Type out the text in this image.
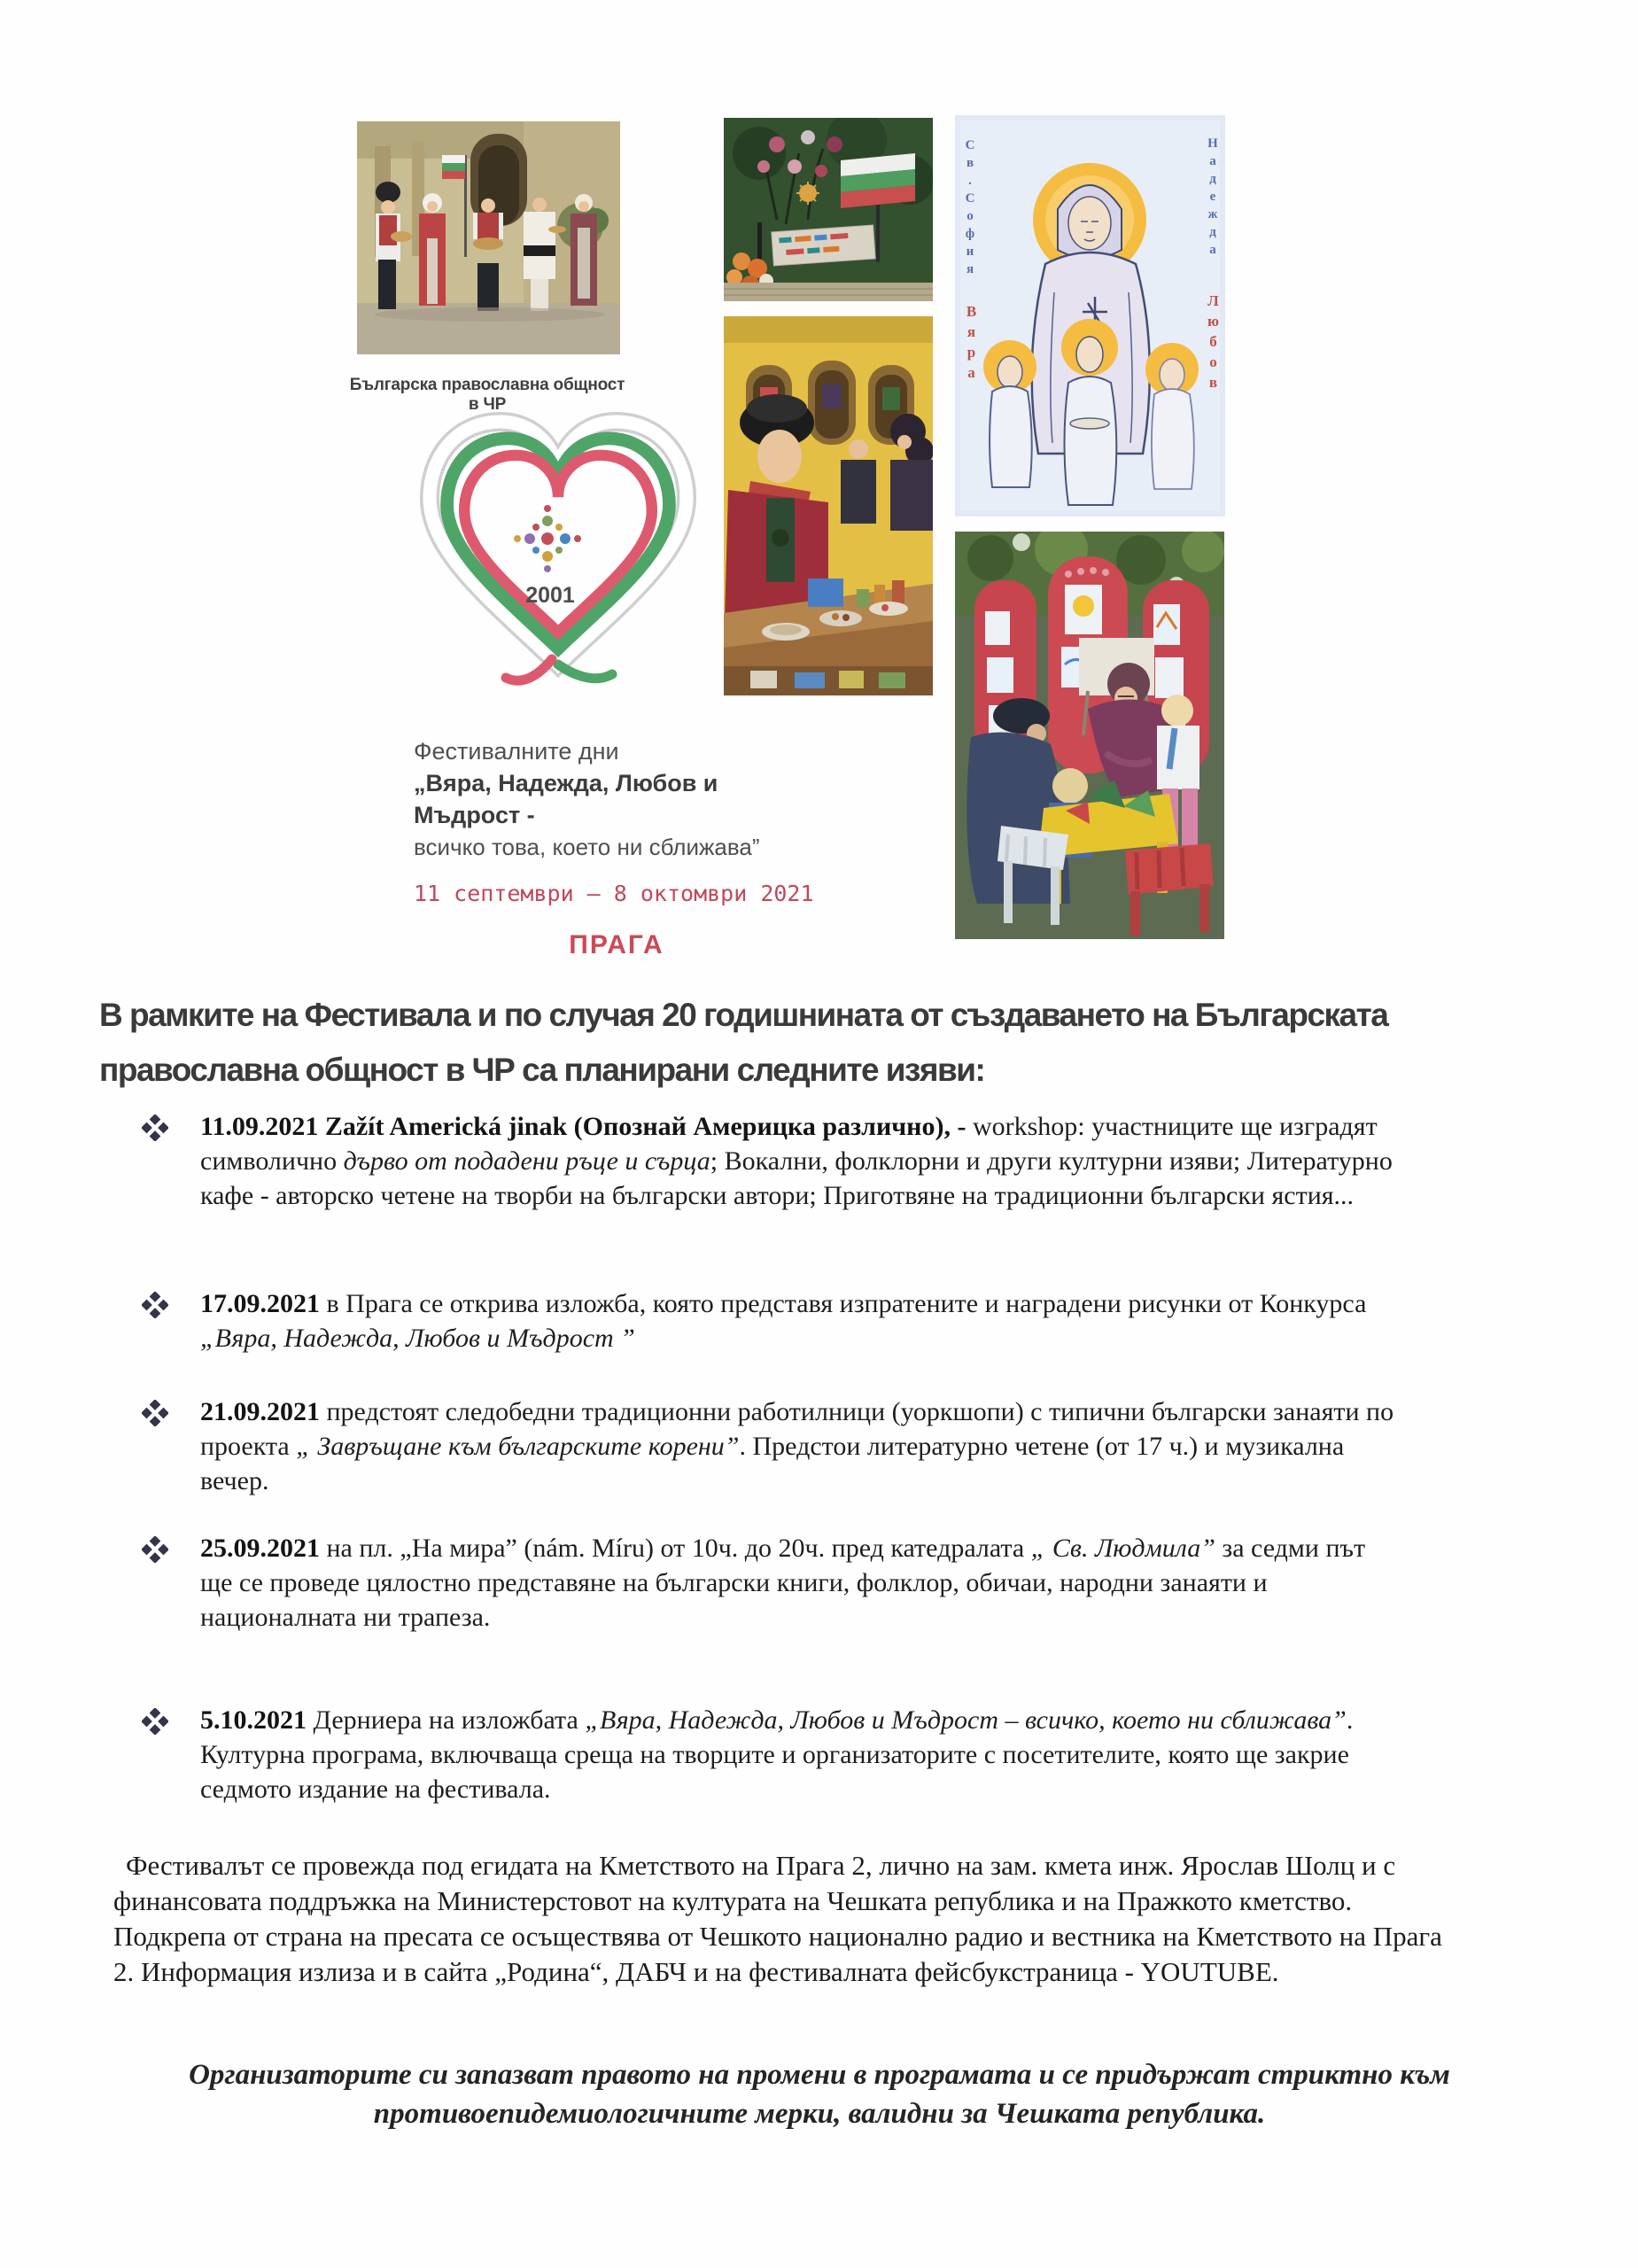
Българска православна общност в ЧР
2001
Св.София
Вяра
Надежда
Любов
Фестивалните дни
„Вяра, Надежда, Любов и Мъдрост -
всичко това, което ни сближава”
11 септември – 8 октомври 2021
ПРАГА
В рамките на Фестивала и по случая 20 годишнината от създаването на Българската православна общност в ЧР са планирани следните изяви:
11.09.2021 Zažít Americká jinak (Опознай Америцка различно), - workshop: участниците ще изградят символично дърво от подадени ръце и сърца; Вокални, фолклорни и други културни изяви; Литературно кафе - авторско четене на творби на български автори; Приготвяне на традиционни български ястия...
17.09.2021 в Прага се открива изложба, която представя изпратените и наградени рисунки от Конкурса „Вяра, Надежда, Любов и Мъдрост ”
21.09.2021 предстоят следобедни традиционни работилници (уоркшопи) с типични български занаяти по проекта „ Завръщане към българските корени”. Предстои литературно четене (от 17 ч.) и музикална вечер.
25.09.2021 на пл. „На мира” (nám. Míru) от 10ч. до 20ч. пред катедралата „ Св. Людмила” за седми път ще се проведе цялостно представяне на български книги, фолклор, обичаи, народни занаяти и националната ни трапеза.
5.10.2021 Дерниера на изложбата „Вяра, Надежда, Любов и Мъдрост – всичко, което ни сближава”. Културна програма, включваща среща на творците и организаторите с посетителите, която ще закрие седмото издание на фестивала.
Фестивалът се провежда под егидата на Кметството на Прага 2, лично на зам. кмета инж. Ярослав Шолц и с финансовата поддръжка на Министерстовот на културата на Чешката република и на Пражкото кметство. Подкрепа от страна на пресата се осъществява от Чешкото национално радио и вестника на Кметството на Прага 2. Информация излиза и в сайта „Родина“, ДАБЧ и на фестивалната фейсбукстраница - YOUTUBE.
Организаторите си запазват правото на промени в програмата и се придържат стриктно към противоепидемиологичните мерки, валидни за Чешката република.
